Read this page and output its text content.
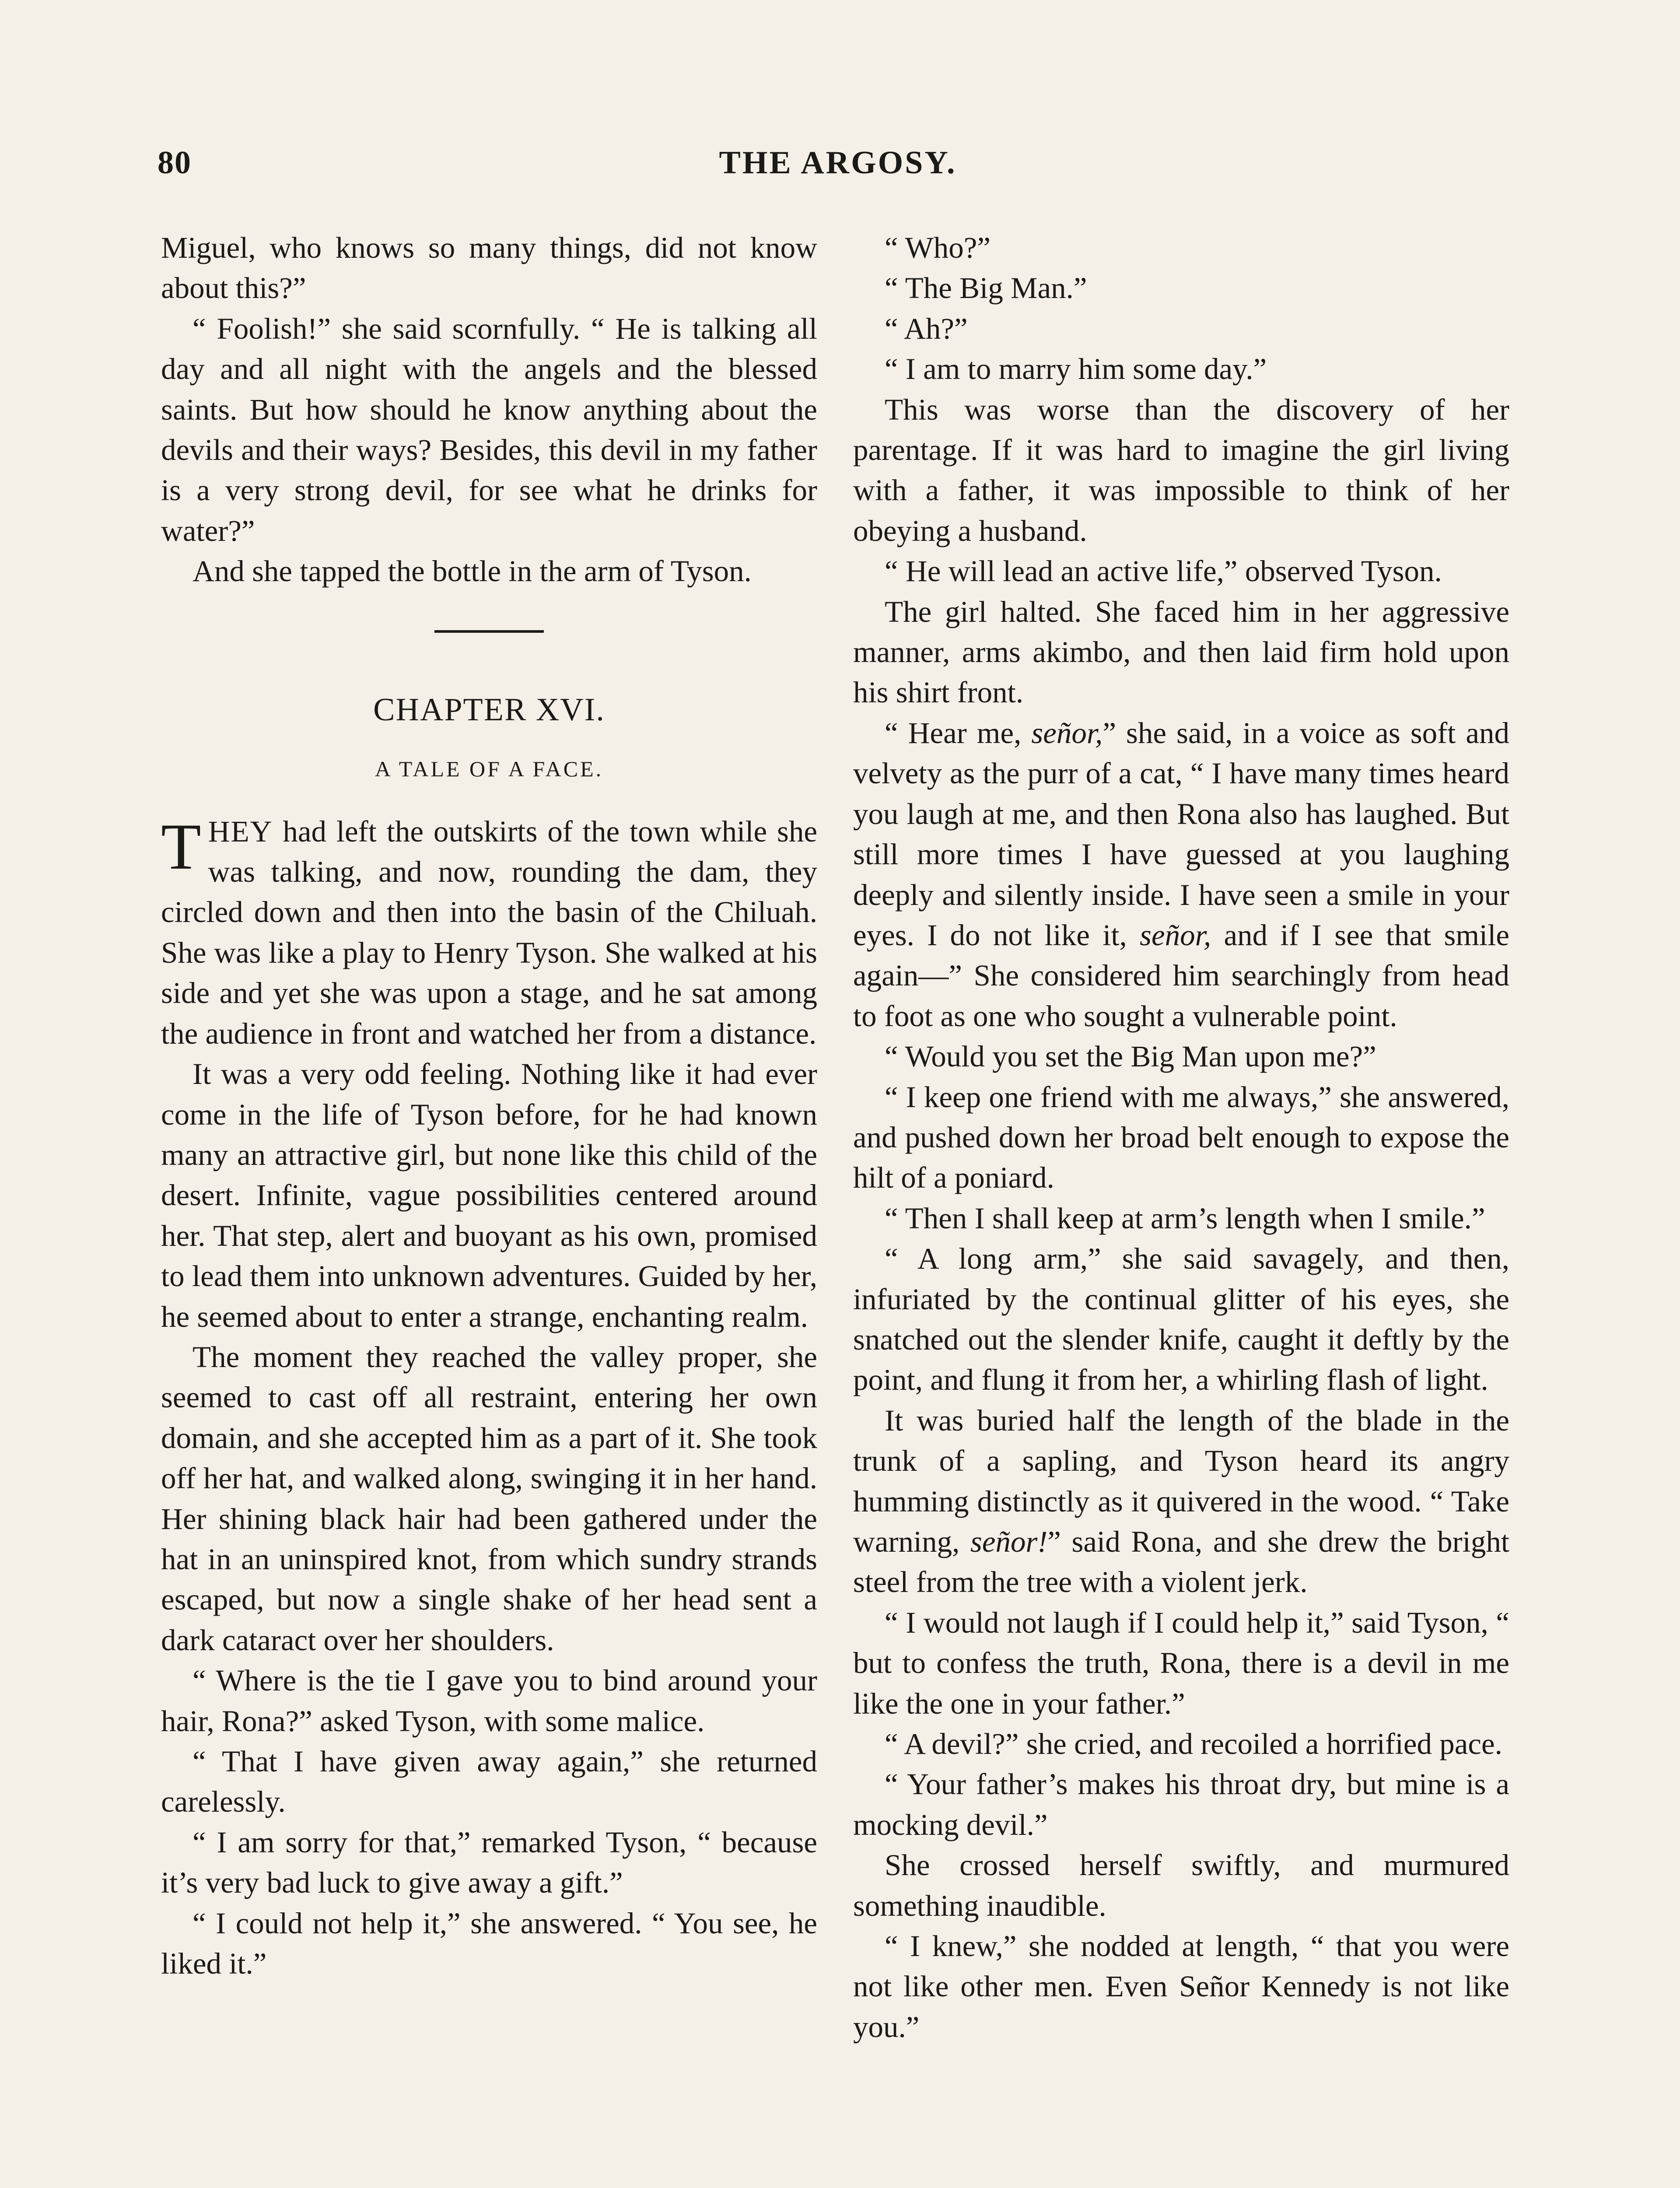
80	THE ARGOSY.

Miguel, who knows so many things, did not know about this?”

“ Foolish!” she said scornfully. “ He is talking all day and all night with the angels and the blessed saints. But how should he know anything about the devils and their ways? Besides, this devil in my father is a very strong devil, for see what he drinks for water?”

And she tapped the bottle in the arm of Tyson.

CHAPTER XVI.
A TALE OF A FACE.

THEY had left the outskirts of the town while she was talking, and now, rounding the dam, they circled down and then into the basin of the Chiluah. She was like a play to Henry Tyson. She walked at his side and yet she was upon a stage, and he sat among the audience in front and watched her from a distance.

It was a very odd feeling. Nothing like it had ever come in the life of Tyson before, for he had known many an attractive girl, but none like this child of the desert. Infinite, vague possibilities centered around her. That step, alert and buoyant as his own, promised to lead them into unknown adventures. Guided by her, he seemed about to enter a strange, enchanting realm.

The moment they reached the valley proper, she seemed to cast off all restraint, entering her own domain, and she accepted him as a part of it. She took off her hat, and walked along, swinging it in her hand. Her shining black hair had been gathered under the hat in an uninspired knot, from which sundry strands escaped, but now a single shake of her head sent a dark cataract over her shoulders.

“ Where is the tie I gave you to bind around your hair, Rona?” asked Tyson, with some malice.

“ That I have given away again,” she returned carelessly.

“ I am sorry for that,” remarked Tyson, “ because it’s very bad luck to give away a gift.”

“ I could not help it,” she answered. “ You see, he liked it.”

“ Who?”

“ The Big Man.”

“ Ah?”

“ I am to marry him some day.”

This was worse than the discovery of her parentage. If it was hard to imagine the girl living with a father, it was impossible to think of her obeying a husband.

“ He will lead an active life,” observed Tyson.

The girl halted. She faced him in her aggressive manner, arms akimbo, and then laid firm hold upon his shirt front.

“ Hear me, señor,” she said, in a voice as soft and velvety as the purr of a cat, “ I have many times heard you laugh at me, and then Rona also has laughed. But still more times I have guessed at you laughing deeply and silently inside. I have seen a smile in your eyes. I do not like it, señor, and if I see that smile again—” She considered him searchingly from head to foot as one who sought a vulnerable point.

“ Would you set the Big Man upon me?”

“ I keep one friend with me always,” she answered, and pushed down her broad belt enough to expose the hilt of a poniard.

“ Then I shall keep at arm’s length when I smile.”

“ A long arm,” she said savagely, and then, infuriated by the continual glitter of his eyes, she snatched out the slender knife, caught it deftly by the point, and flung it from her, a whirling flash of light.

It was buried half the length of the blade in the trunk of a sapling, and Tyson heard its angry humming distinctly as it quivered in the wood. “ Take warning, señor!” said Rona, and she drew the bright steel from the tree with a violent jerk.

“ I would not laugh if I could help it,” said Tyson, “ but to confess the truth, Rona, there is a devil in me like the one in your father.”

“ A devil?” she cried, and recoiled a horrified pace.

“ Your father’s makes his throat dry, but mine is a mocking devil.”

She crossed herself swiftly, and murmured something inaudible.

“ I knew,” she nodded at length, “ that you were not like other men. Even Señor Kennedy is not like you.”
